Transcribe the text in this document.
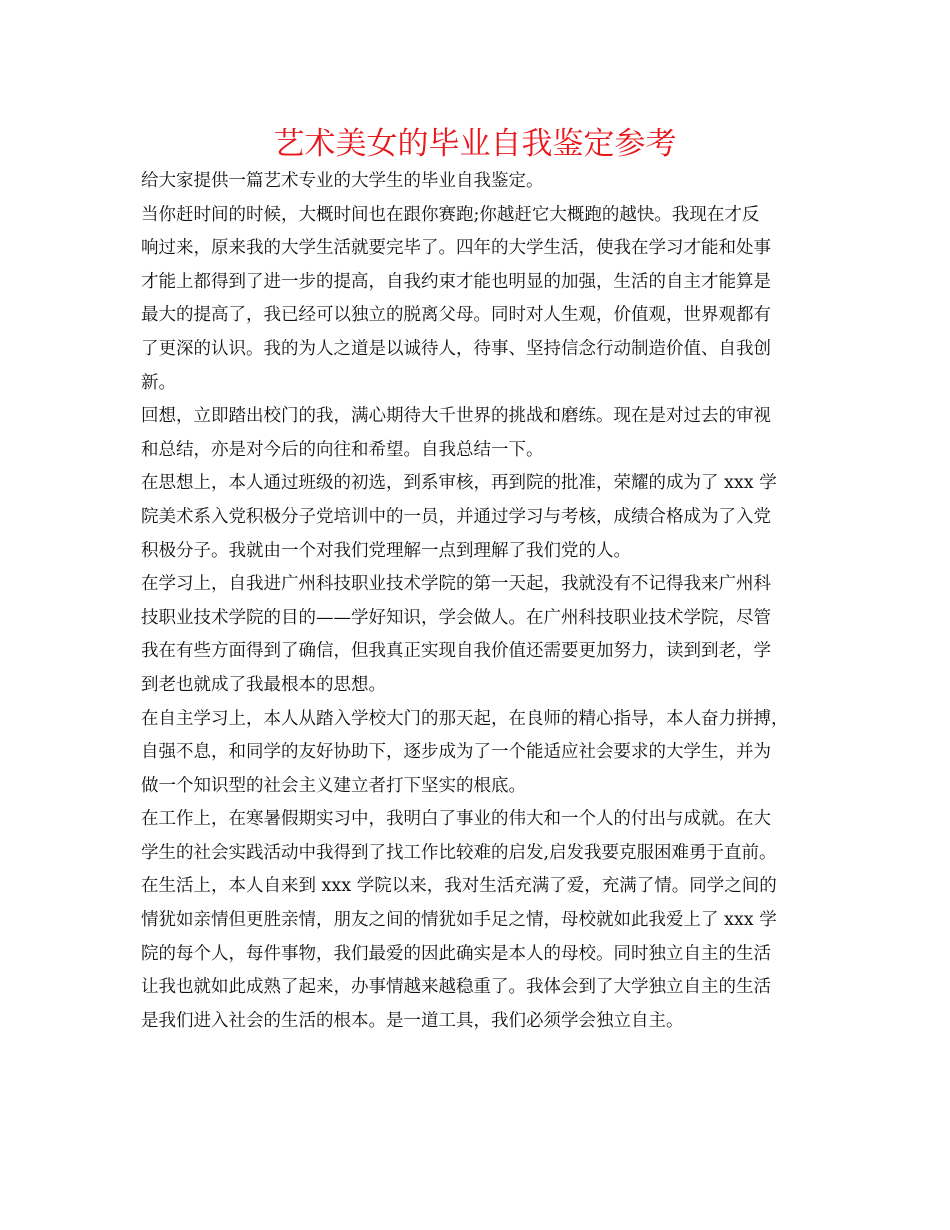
艺术美女的毕业自我鉴定参考
给大家提供一篇艺术专业的大学生的毕业自我鉴定。
当你赶时间的时候，大概时间也在跟你赛跑;你越赶它大概跑的越快。我现在才反
响过来，原来我的大学生活就要完毕了。四年的大学生活，使我在学习才能和处事
才能上都得到了进一步的提高，自我约束才能也明显的加强，生活的自主才能算是
最大的提高了，我已经可以独立的脱离父母。同时对人生观，价值观，世界观都有
了更深的认识。我的为人之道是以诚待人，待事、坚持信念行动制造价值、自我创
新。
回想，立即踏出校门的我，满心期待大千世界的挑战和磨练。现在是对过去的审视
和总结，亦是对今后的向往和希望。自我总结一下。
在思想上，本人通过班级的初选，到系审核，再到院的批准，荣耀的成为了 xxx 学
院美术系入党积极分子党培训中的一员，并通过学习与考核，成绩合格成为了入党
积极分子。我就由一个对我们党理解一点到理解了我们党的人。
在学习上，自我进广州科技职业技术学院的第一天起，我就没有不记得我来广州科
技职业技术学院的目的——学好知识，学会做人。在广州科技职业技术学院，尽管
我在有些方面得到了确信，但我真正实现自我价值还需要更加努力，读到到老，学
到老也就成了我最根本的思想。
在自主学习上，本人从踏入学校大门的那天起，在良师的精心指导，本人奋力拼搏，
自强不息，和同学的友好协助下，逐步成为了一个能适应社会要求的大学生，并为
做一个知识型的社会主义建立者打下坚实的根底。
在工作上，在寒暑假期实习中，我明白了事业的伟大和一个人的付出与成就。在大
学生的社会实践活动中我得到了找工作比较难的启发,启发我要克服困难勇于直前。
在生活上，本人自来到 xxx 学院以来，我对生活充满了爱，充满了情。同学之间的
情犹如亲情但更胜亲情，朋友之间的情犹如手足之情，母校就如此我爱上了 xxx 学
院的每个人，每件事物，我们最爱的因此确实是本人的母校。同时独立自主的生活
让我也就如此成熟了起来，办事情越来越稳重了。我体会到了大学独立自主的生活
是我们进入社会的生活的根本。是一道工具，我们必须学会独立自主。
